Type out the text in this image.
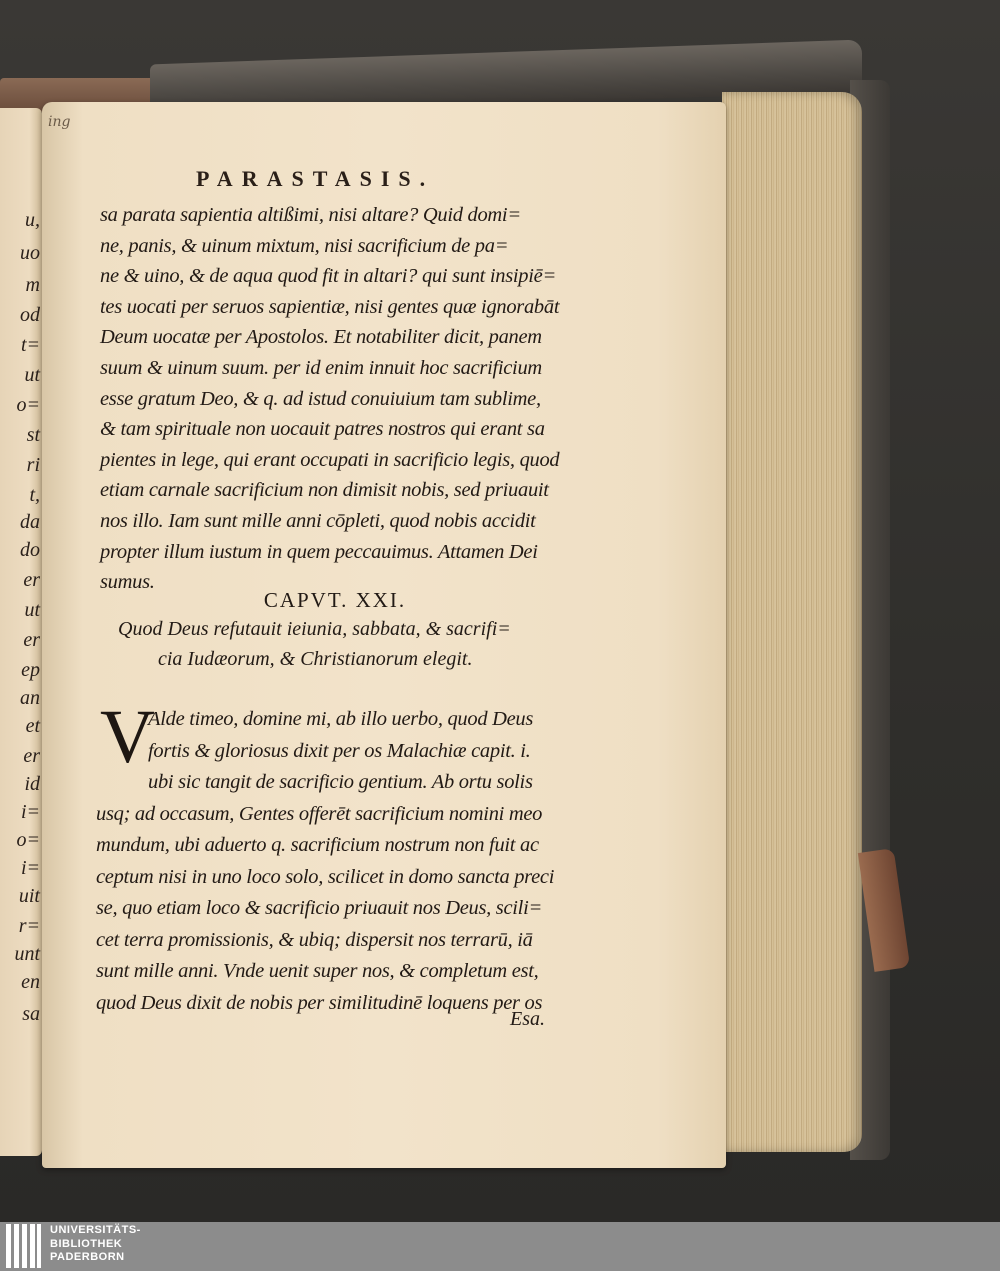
u,
uo
m
od
t=
ut
o=
st
ri
t,
da
do
er
ut
er
ep
an
et
er
id
i=
o=
i=
uit
r=
unt
en
sa
ing
PARASTASIS.
sa parata sapientia altißimi, nisi altare? Quid domi=
ne, panis, & uinum mixtum, nisi sacrificium de pa=
ne & uino, & de aqua quod fit in altari? qui sunt insipiē=
tes uocati per seruos sapientiæ, nisi gentes quæ ignorabāt
Deum uocatæ per Apostolos. Et notabiliter dicit, panem
suum & uinum suum. per id enim innuit hoc sacrificium
esse gratum Deo, & q. ad istud conuiuium tam sublime,
& tam spirituale non uocauit patres nostros qui erant sa
pientes in lege, qui erant occupati in sacrificio legis, quod
etiam carnale sacrificium non dimisit nobis, sed priuauit
nos illo. Iam sunt mille anni cōpleti, quod nobis accidit
propter illum iustum in quem peccauimus. Attamen Dei
sumus.
CAPVT. XXI.
Quod Deus refutauit ieiunia, sabbata, & sacrifi=
cia Iudæorum, & Christianorum elegit.
V
Alde timeo, domine mi, ab illo uerbo, quod Deus
fortis & gloriosus dixit per os Malachiæ capit. i.
ubi sic tangit de sacrificio gentium. Ab ortu solis
usq; ad occasum, Gentes offerēt sacrificium nomini meo
mundum, ubi aduerto q. sacrificium nostrum non fuit ac
ceptum nisi in uno loco solo, scilicet in domo sancta preci
se, quo etiam loco & sacrificio priuauit nos Deus, scili=
cet terra promissionis, & ubiq; dispersit nos terrarū, iā
sunt mille anni. Vnde uenit super nos, & completum est,
quod Deus dixit de nobis per similitudinē loquens per os
Esa.
UNIVERSITÄTS-
BIBLIOTHEK
PADERBORN
